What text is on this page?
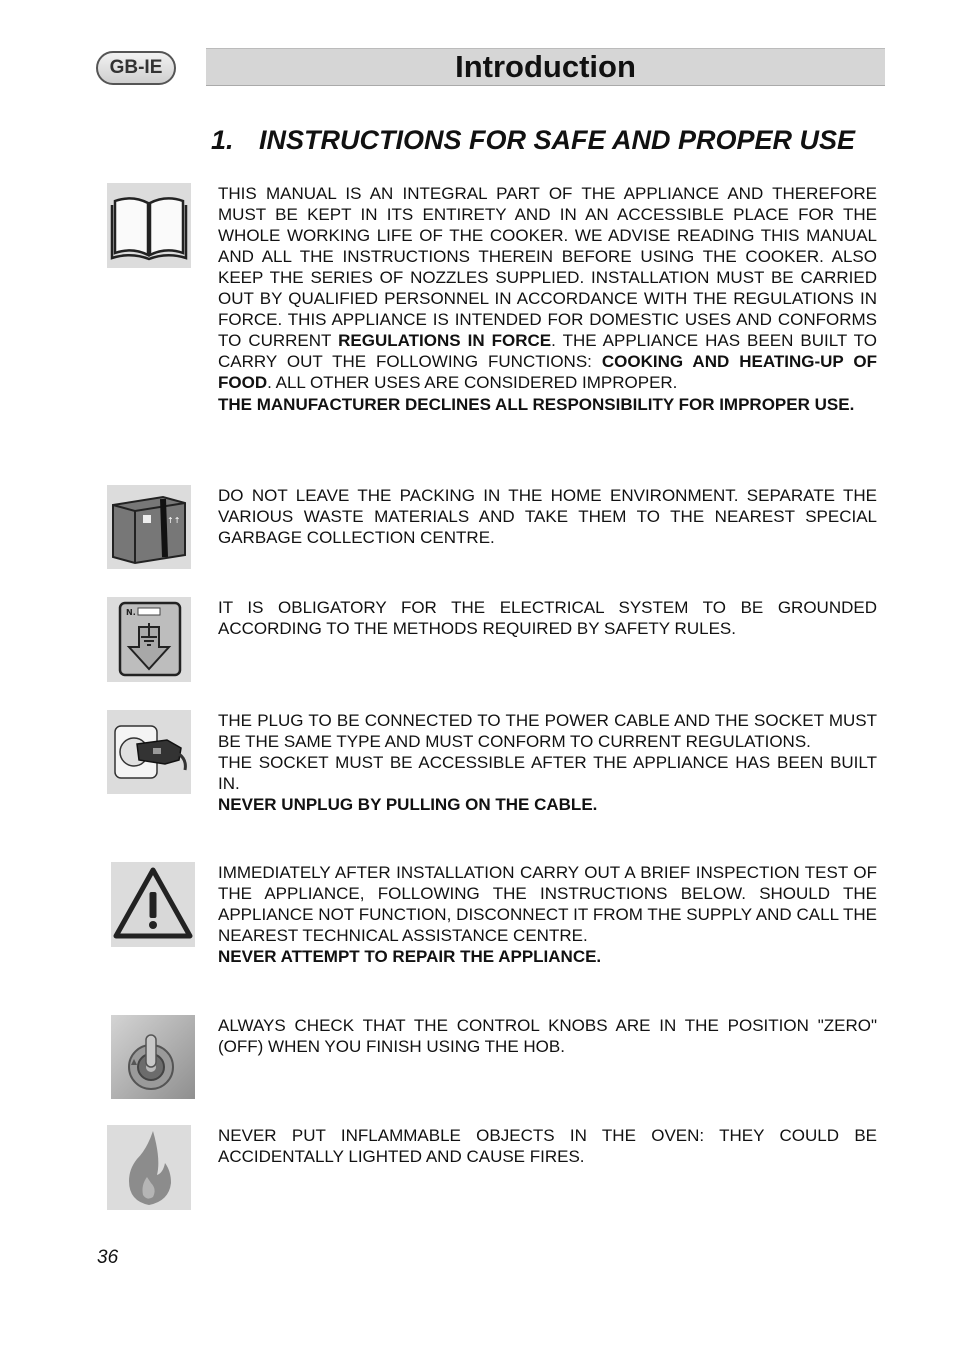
GB-IE	Introduction
1. INSTRUCTIONS FOR SAFE AND PROPER USE

THIS MANUAL IS AN INTEGRAL PART OF THE APPLIANCE AND THEREFORE MUST BE KEPT IN ITS ENTIRETY AND IN AN ACCESSIBLE PLACE FOR THE WHOLE WORKING LIFE OF THE COOKER. WE ADVISE READING THIS MANUAL AND ALL THE INSTRUCTIONS THEREIN BEFORE USING THE COOKER. ALSO KEEP THE SERIES OF NOZZLES SUPPLIED. INSTALLATION MUST BE CARRIED OUT BY QUALIFIED PERSONNEL IN ACCORDANCE WITH THE REGULATIONS IN FORCE. THIS APPLIANCE IS INTENDED FOR DOMESTIC USES AND CONFORMS TO CURRENT REGULATIONS IN FORCE. THE APPLIANCE HAS BEEN BUILT TO CARRY OUT THE FOLLOWING FUNCTIONS: COOKING AND HEATING-UP OF FOOD. ALL OTHER USES ARE CONSIDERED IMPROPER.

THE MANUFACTURER DECLINES ALL RESPONSIBILITY FOR IMPROPER USE.

↑↑

DO NOT LEAVE THE PACKING IN THE HOME ENVIRONMENT. SEPARATE THE VARIOUS WASTE MATERIALS AND TAKE THEM TO THE NEAREST SPECIAL GARBAGE COLLECTION CENTRE.

N.	IT IS OBLIGATORY FOR THE ELECTRICAL SYSTEM TO BE GROUNDED ACCORDING TO THE METHODS REQUIRED BY SAFETY RULES.

THE PLUG TO BE CONNECTED TO THE POWER CABLE AND THE SOCKET MUST BE THE SAME TYPE AND MUST CONFORM TO CURRENT REGULATIONS.

THE SOCKET MUST BE ACCESSIBLE AFTER THE APPLIANCE HAS BEEN BUILT IN.

NEVER UNPLUG BY PULLING ON THE CABLE.

IMMEDIATELY AFTER INSTALLATION CARRY OUT A BRIEF INSPECTION TEST OF THE APPLIANCE, FOLLOWING THE INSTRUCTIONS BELOW. SHOULD THE APPLIANCE NOT FUNCTION, DISCONNECT IT FROM THE SUPPLY AND CALL THE NEAREST TECHNICAL ASSISTANCE CENTRE.

NEVER ATTEMPT TO REPAIR THE APPLIANCE.

ALWAYS CHECK THAT THE CONTROL KNOBS ARE IN THE POSITION "ZERO" (OFF) WHEN YOU FINISH USING THE HOB.

NEVER PUT INFLAMMABLE OBJECTS IN THE OVEN: THEY COULD BE ACCIDENTALLY LIGHTED AND CAUSE FIRES.

36
